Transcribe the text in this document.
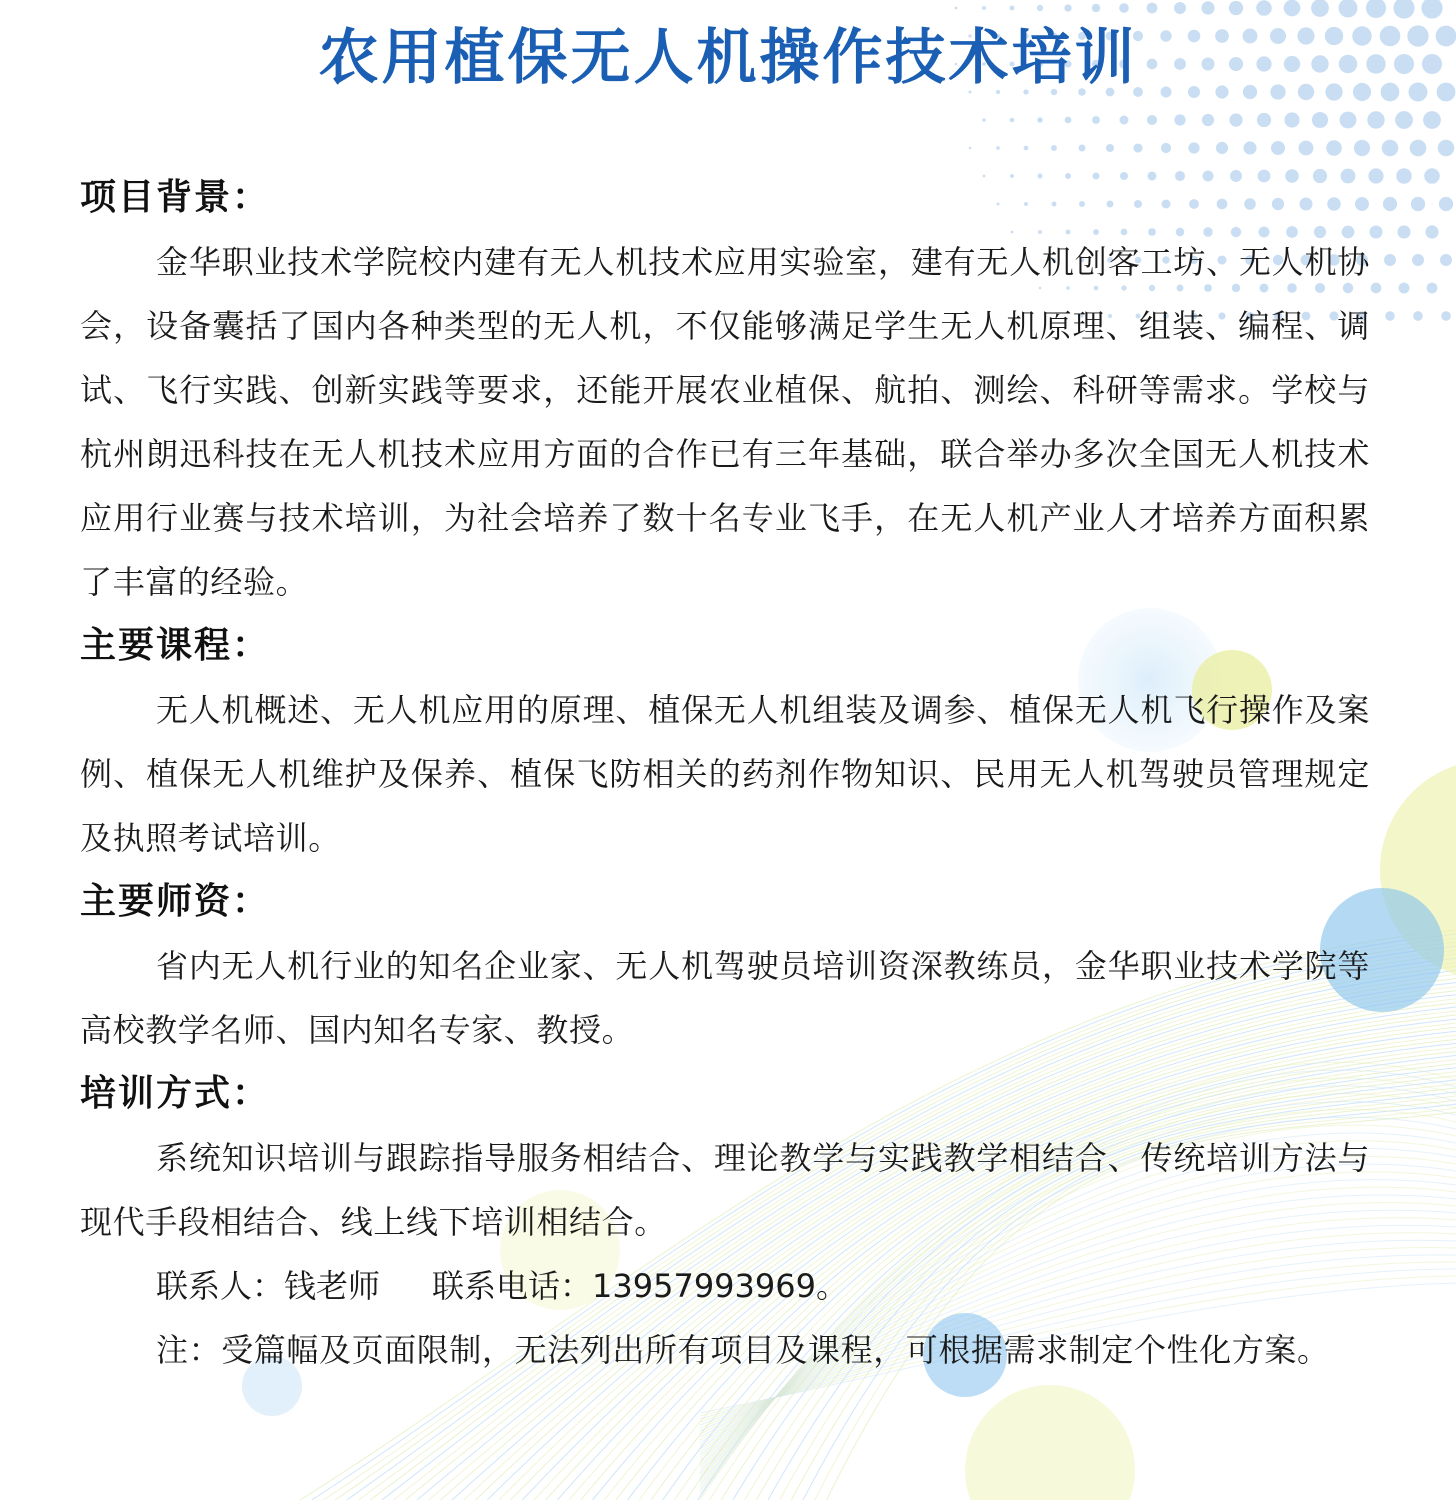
农用植保无人机操作技术培训
项目背景：

金华职业技术学院校内建有无人机技术应用实验室，建有无人机创客工坊、无人机协会，设备囊括了国内各种类型的无人机，不仅能够满足学生无人机原理、组装、编程、调试、飞行实践、创新实践等要求，还能开展农业植保、航拍、测绘、科研等需求。学校与杭州朗迅科技在无人机技术应用方面的合作已有三年基础，联合举办多次全国无人机技术应用行业赛与技术培训，为社会培养了数十名专业飞手，在无人机产业人才培养方面积累了丰富的经验。

主要课程：

无人机概述、无人机应用的原理、植保无人机组装及调参、植保无人机飞行操作及案例、植保无人机维护及保养、植保飞防相关的药剂作物知识、民用无人机驾驶员管理规定及执照考试培训。

主要师资：

省内无人机行业的知名企业家、无人机驾驶员培训资深教练员，金华职业技术学院等高校教学名师、国内知名专家、教授。

培训方式：

系统知识培训与跟踪指导服务相结合、理论教学与实践教学相结合、传统培训方法与现代手段相结合、线上线下培训相结合。

联系人：钱老师 联系电话：13957993969。

注：受篇幅及页面限制，无法列出所有项目及课程，可根据需求制定个性化方案。
